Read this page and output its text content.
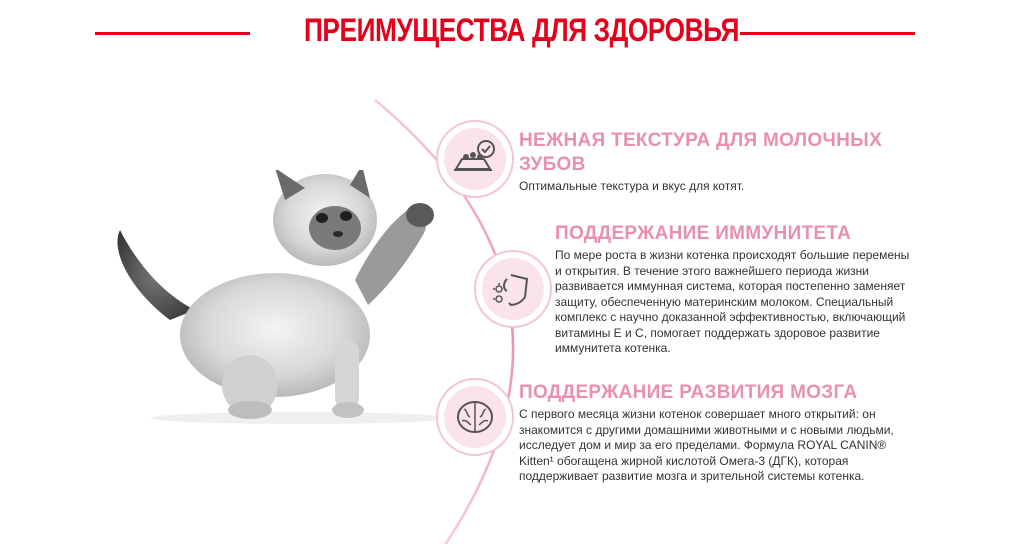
ПРЕИМУЩЕСТВА ДЛЯ ЗДОРОВЬЯ
НЕЖНАЯ ТЕКСТУРА ДЛЯ МОЛОЧНЫХ ЗУБОВ

Оптимальные текстура и вкус для котят.

ПОДДЕРЖАНИЕ ИММУНИТЕТА

По мере роста в жизни котенка происходят большие перемены и открытия. В течение этого важнейшего периода жизни развивается иммунная система, которая постепенно заменяет защиту, обеспеченную материнским молоком. Специальный комплекс с научно доказанной эффективностью, включающий витамины Е и С, помогает поддержать здоровое развитие иммунитета котенка.

ПОДДЕРЖАНИЕ РАЗВИТИЯ МОЗГА

С первого месяца жизни котенок совершает много открытий: он знакомится с другими домашними животными и с новыми людьми, исследует дом и мир за его пределами. Формула ROYAL CANIN® Kitten¹ обогащена жирной кислотой Омега-3 (ДГК), которая поддерживает развитие мозга и зрительной системы котенка.
